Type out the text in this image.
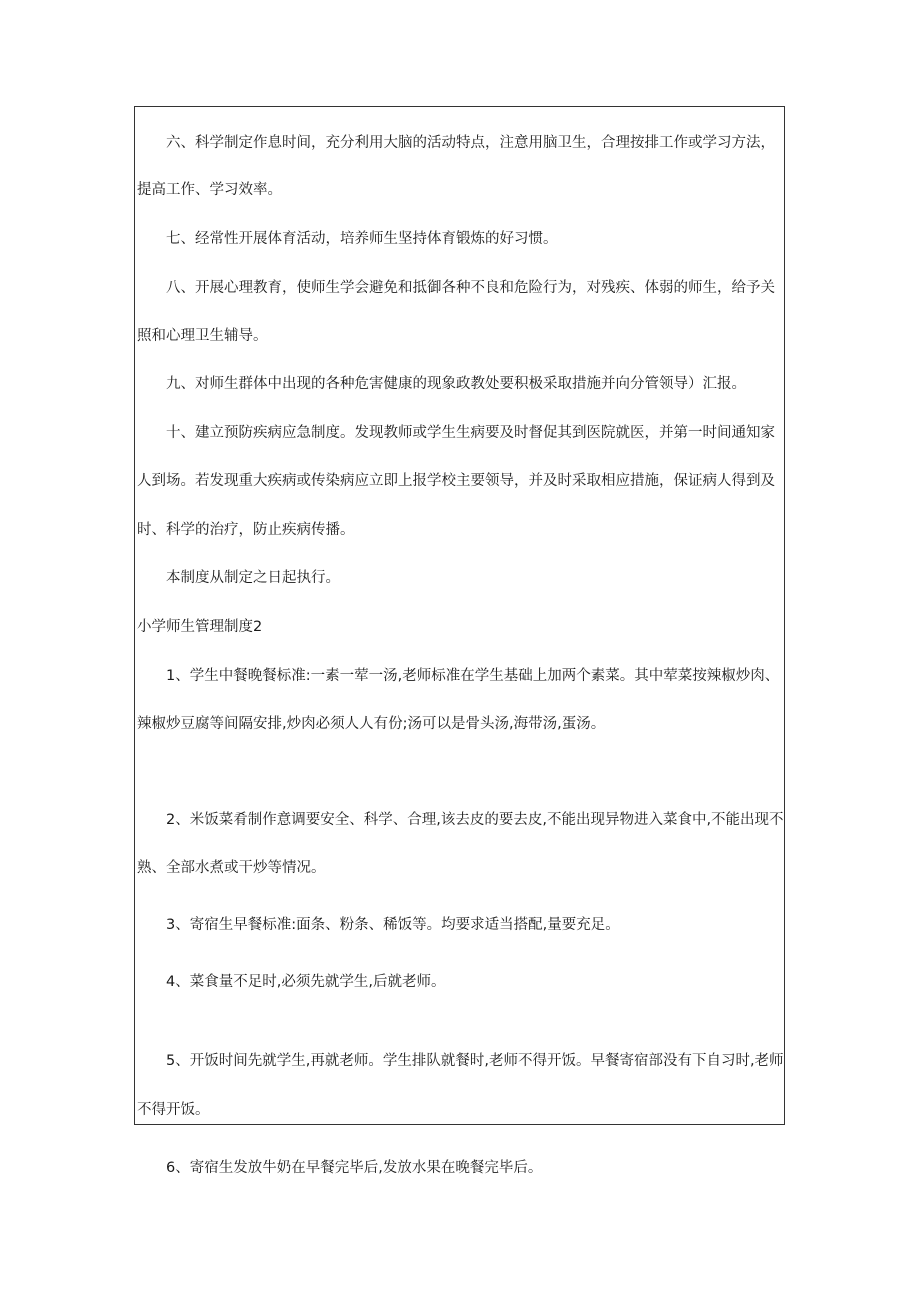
六、科学制定作息时间，充分利用大脑的活动特点，注意用脑卫生，合理按排工作或学习方法，
提高工作、学习效率。
七、经常性开展体育活动，培养师生坚持体育锻炼的好习惯。
八、开展心理教育，使师生学会避免和抵御各种不良和危险行为，对残疾、体弱的师生，给予关
照和心理卫生辅导。
九、对师生群体中出现的各种危害健康的现象政教处要积极采取措施并向分管领导）汇报。
十、建立预防疾病应急制度。发现教师或学生生病要及时督促其到医院就医，并第一时间通知家
人到场。若发现重大疾病或传染病应立即上报学校主要领导，并及时采取相应措施，保证病人得到及
时、科学的治疗，防止疾病传播。
本制度从制定之日起执行。
小学师生管理制度2
1、学生中餐晚餐标准:一素一荤一汤,老师标准在学生基础上加两个素菜。其中荤菜按辣椒炒肉、
辣椒炒豆腐等间隔安排,炒肉必须人人有份;汤可以是骨头汤,海带汤,蛋汤。
2、米饭菜肴制作意调要安全、科学、合理,该去皮的要去皮,不能出现异物进入菜食中,不能出现不
熟、全部水煮或干炒等情况。
3、寄宿生早餐标准:面条、粉条、稀饭等。均要求适当搭配,量要充足。
4、菜食量不足时,必须先就学生,后就老师。
5、开饭时间先就学生,再就老师。学生排队就餐时,老师不得开饭。早餐寄宿部没有下自习时,老师
不得开饭。
6、寄宿生发放牛奶在早餐完毕后,发放水果在晚餐完毕后。
